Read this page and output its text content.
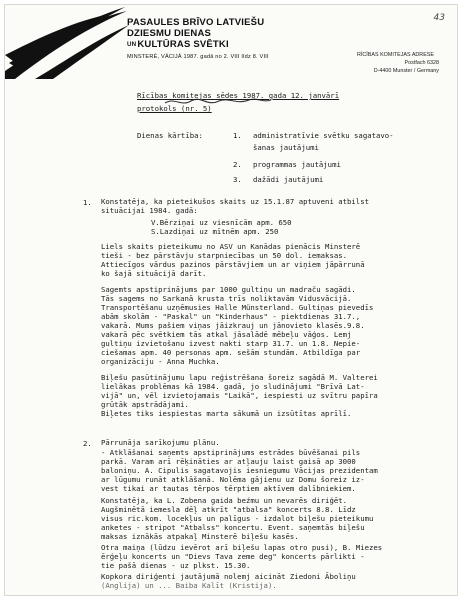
43
PASAULES BRĪVO LATVIEŠU
DZIESMU DIENAS
UNKULTŪRAS SVĒTKI
MINSTERĒ, VĀCIJĀ 1987. gadā no 2. VIII līdz 8. VIII	RĪCĪBAS KOMITEJAS ADRESE
Postfach 6328
D-4400 Munster / Germany
Rīcības komitejas sēdes 1987. gada 12. janvārī
protokols (nr. 5)
Dienas kārtība:	1. administratīvie svētku sagatavo-
šanas jautājumi
2. programmas jautājumi
3. dažādi jautājumi
1. Konstatēja, ka pieteikušos skaits uz 15.1.87 aptuveni atbilst
situācijai 1984. gadā:
V.Bērziņai uz viesnīcām apm. 650
S.Lazdiņai uz mītnēm apm. 250
Liels skaits pieteikumu no ASV un Kanādas pienācis Minsterē
tieši - bez pārstāvju starpniecības un 50 dol. iemaksas.
Attiecīgos vārdus pazinos pārstāvjiem un ar viņiem jāpārrunā
ko šajā situācijā darīt.
Sagemts apstiprinājums par 1000 gultiņu un madraču sagādi.
Tās sagems no Sarkanā krusta trīs noliktavām Vidusvācijā.
Transportēšanu uzņēmusies Halle Münsterland. Gultiņas pievedīs
abām skolām - "Paskal" un "Kinderhaus" - piektdienas 31.7.,
vakarā. Mums pašiem viņas jāizkrauj un jānovieto klasēs.9.8.
vakarā pēc svētkiem tās atkal jāsalādē mēbeļu vāģos. Lemj
gultiņu izvietošanu izvest nakti starp 31.7. un 1.8. Nepie-
ciešamas apm. 40 personas apm. sešām stundām. Atbildīga par
organizāciju - Anna Muchka.
Biļešu pasūtinājumu lapu reģistrēšana šoreiz sagādā M. Valterei
lielākas problēmas kā 1984. gadā, jo sludinājumi "Brīvā Lat-
vijā" un, vēl izvietojamais "Laikā", iespiesti uz svītru papīra
grūtāk apstrādājami.
Biļetes tiks iespiestas marta sākumā un izsūtītas aprīlī.
2. Pārrunāja sarīkojumu plānu.
- Atklāšanai saņemts apstiprinājums estrādes būvēšanai pils
parkā. Varam arī rēķināties ar atļauju laist gaisā ap 3000
baloniņu. A. Cipulis sagatavojis iesniegumu Vācijas prezidentam
ar lūgumu runāt atklāšanā. Nolēma gājienu uz Domu šoreiz iz-
vest tikai ar tautas tērpos tērptiem aktīvem dalībniekiem.
Konstatēja, ka L. Zobena gaida beźmu un nevarēs diriģēt.
Augšminētā iemesla dēļ atkrīt "atbalsa" koncerts 8.8. Līdz
visus ric.kom. locekļus un palīgus - izdalot biļešu pieteikumu
anketes - stripot "Atbalss" koncertu. Event. saņemtās biļešu
maksas iznākās atpakaļ Minsterē biļešu kasēs.
Otra maiņa (lūdzu ievērot arī biļešu lapas otro pusi), B. Miezes
ērģeļu koncerts un "Dievs Tava zeme deg" koncerts pārlikti -
tie pašā dienas - uz plkst. 15.30.
Kopkora diriģenti jautājumā nolemj aicināt Ziedoni Āboliņu
(Anglija) un ... Baiba Kalīt (Kristija).
